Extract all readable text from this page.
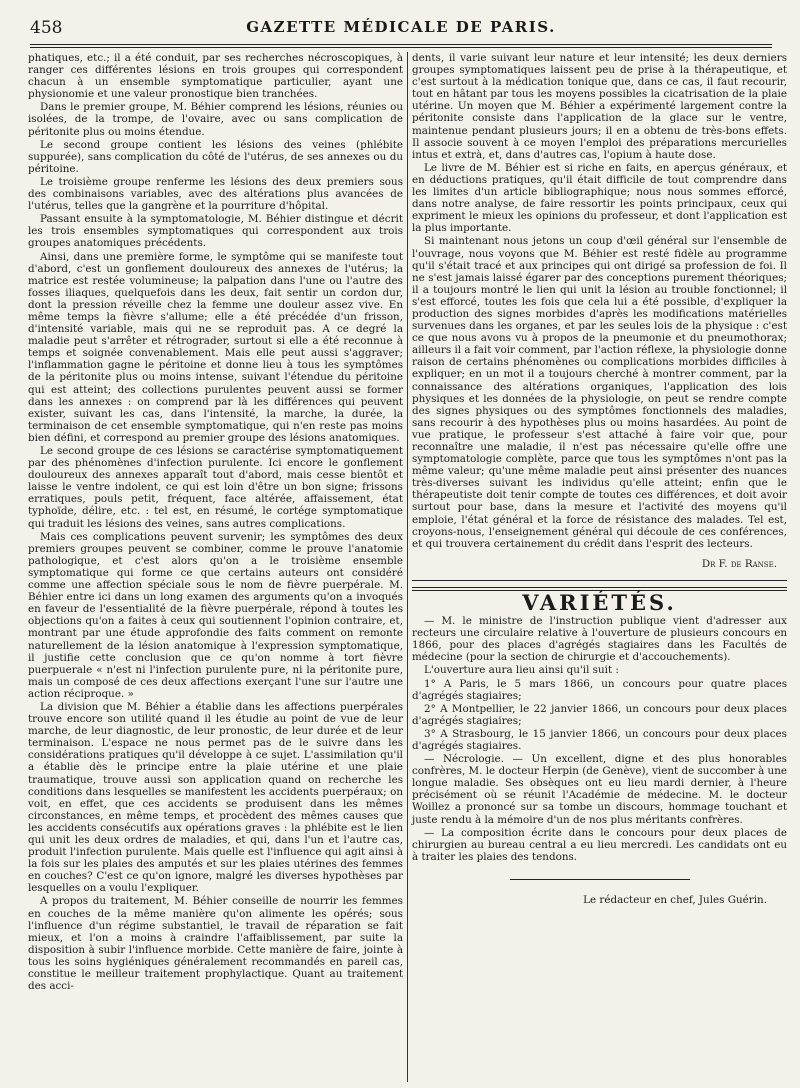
458	GAZETTE MÉDICALE DE PARIS.

phatiques, etc.; il a été conduit, par ses recherches nécroscopiques, à ranger ces différentes lésions en trois groupes qui correspondent chacun à un ensemble symptomatique particulier, ayant une physionomie et une valeur pronostique bien tranchées.

Dans le premier groupe, M. Béhier comprend les lésions, réunies ou isolées, de la trompe, de l'ovaire, avec ou sans complication de péritonite plus ou moins étendue.

Le second groupe contient les lésions des veines (phlébite suppurée), sans complication du côté de l'utérus, de ses annexes ou du péritoine.

Le troisième groupe renferme les lésions des deux premiers sous des combinaisons variables, avec des altérations plus avancées de l'utérus, telles que la gangrène et la pourriture d'hôpital.

Passant ensuite à la symptomatologie, M. Béhier distingue et décrit les trois ensembles symptomatiques qui correspondent aux trois groupes anatomiques précédents.

Ainsi, dans une première forme, le symptôme qui se manifeste tout d'abord, c'est un gonflement douloureux des annexes de l'utérus; la matrice est restée volumineuse; la palpation dans l'une ou l'autre des fosses iliaques, quelquefois dans les deux, fait sentir un cordon dur, dont la pression réveille chez la femme une douleur assez vive. En même temps la fièvre s'allume; elle a été précédée d'un frisson, d'intensité variable, mais qui ne se reproduit pas. A ce degré la maladie peut s'arrêter et rétrograder, surtout si elle a été reconnue à temps et soignée convenablement. Mais elle peut aussi s'aggraver; l'inflammation gagne le péritoine et donne lieu à tous les symptômes de la péritonite plus ou moins intense, suivant l'étendue du péritoine qui est atteint; des collections purulentes peuvent aussi se former dans les annexes : on comprend par là les différences qui peuvent exister, suivant les cas, dans l'intensité, la marche, la durée, la terminaison de cet ensemble symptomatique, qui n'en reste pas moins bien défini, et correspond au premier groupe des lésions anatomiques.

Le second groupe de ces lésions se caractérise symptomatiquement par des phénomènes d'infection purulente. Ici encore le gonflement douloureux des annexes apparaît tout d'abord, mais cesse bientôt et laisse le ventre indolent, ce qui est loin d'être un bon signe; frissons erratiques, pouls petit, fréquent, face altérée, affaissement, état typhoïde, délire, etc. : tel est, en résumé, le cortége symptomatique qui traduit les lésions des veines, sans autres complications.

Mais ces complications peuvent survenir; les symptômes des deux premiers groupes peuvent se combiner, comme le prouve l'anatomie pathologique, et c'est alors qu'on a le troisième ensemble symptomatique qui forme ce que certains auteurs ont considéré comme une affection spéciale sous le nom de fièvre puerpérale. M. Béhier entre ici dans un long examen des arguments qu'on a invoqués en faveur de l'essentialité de la fièvre puerpérale, répond à toutes les objections qu'on a faites à ceux qui soutiennent l'opinion contraire, et, montrant par une étude approfondie des faits comment on remonte naturellement de la lésion anatomique à l'expression symptomatique, il justifie cette conclusion que ce qu'on nomme à tort fièvre puerpuerale « n'est ni l'infection purulente pure, ni la péritonite pure, mais un composé de ces deux affections exerçant l'une sur l'autre une action réciproque. »

La division que M. Béhier a établie dans les affections puerpérales trouve encore son utilité quand il les étudie au point de vue de leur marche, de leur diagnostic, de leur pronostic, de leur durée et de leur terminaison. L'espace ne nous permet pas de le suivre dans les considérations pratiques qu'il développe à ce sujet. L'assimilation qu'il a établie dès le principe entre la plaie utérine et une plaie traumatique, trouve aussi son application quand on recherche les conditions dans lesquelles se manifestent les accidents puerpéraux; on voit, en effet, que ces accidents se produisent dans les mêmes circonstances, en même temps, et procèdent des mêmes causes que les accidents consécutifs aux opérations graves : la phlébite est le lien qui unit les deux ordres de maladies, et qui, dans l'un et l'autre cas, produit l'infection purulente. Mais quelle est l'influence qui agit ainsi à la fois sur les plaies des amputés et sur les plaies utérines des femmes en couches? C'est ce qu'on ignore, malgré les diverses hypothèses par lesquelles on a voulu l'expliquer.

A propos du traitement, M. Béhier conseille de nourrir les femmes en couches de la même manière qu'on alimente les opérés; sous l'influence d'un régime substantiel, le travail de réparation se fait mieux, et l'on a moins à craindre l'affaiblissement, par suite la disposition à subir l'influence morbide. Cette manière de faire, jointe à tous les soins hygiéniques généralement recommandés en pareil cas, constitue le meilleur traitement prophylactique. Quant au traitement des acci-

dents, il varie suivant leur nature et leur intensité; les deux derniers groupes symptomatiques laissent peu de prise à la thérapeutique, et c'est surtout à la médication tonique que, dans ce cas, il faut recourir, tout en hâtant par tous les moyens possibles la cicatrisation de la plaie utérine. Un moyen que M. Béhier a expérimenté largement contre la péritonite consiste dans l'application de la glace sur le ventre, maintenue pendant plusieurs jours; il en a obtenu de très-bons effets. Il associe souvent à ce moyen l'emploi des préparations mercurielles intus et extrà, et, dans d'autres cas, l'opium à haute dose.

Le livre de M. Béhier est si riche en faits, en aperçus généraux, et en déductions pratiques, qu'il était difficile de tout comprendre dans les limites d'un article bibliographique; nous nous sommes efforcé, dans notre analyse, de faire ressortir les points principaux, ceux qui expriment le mieux les opinions du professeur, et dont l'application est la plus importante.

Si maintenant nous jetons un coup d'œil général sur l'ensemble de l'ouvrage, nous voyons que M. Béhier est resté fidèle au programme qu'il s'était tracé et aux principes qui ont dirigé sa profession de foi. Il ne s'est jamais laissé égarer par des conceptions purement théoriques; il a toujours montré le lien qui unit la lésion au trouble fonctionnel; il s'est efforcé, toutes les fois que cela lui a été possible, d'expliquer la production des signes morbides d'après les modifications matérielles survenues dans les organes, et par les seules lois de la physique : c'est ce que nous avons vu à propos de la pneumonie et du pneumothorax; ailleurs il a fait voir comment, par l'action réflexe, la physiologie donne raison de certains phénomènes ou complications morbides difficiles à expliquer; en un mot il a toujours cherché à montrer comment, par la connaissance des altérations organiques, l'application des lois physiques et les données de la physiologie, on peut se rendre compte des signes physiques ou des symptômes fonctionnels des maladies, sans recourir à des hypothèses plus ou moins hasardées. Au point de vue pratique, le professeur s'est attaché à faire voir que, pour reconnaître une maladie, il n'est pas nécessaire qu'elle offre une symptomatologie complète, parce que tous les symptômes n'ont pas la même valeur; qu'une même maladie peut ainsi présenter des nuances très-diverses suivant les individus qu'elle atteint; enfin que le thérapeutiste doit tenir compte de toutes ces différences, et doit avoir surtout pour base, dans la mesure et l'activité des moyens qu'il emploie, l'état général et la force de résistance des malades. Tel est, croyons-nous, l'enseignement général qui découle de ces conférences, et qui trouvera certainement du crédit dans l'esprit des lecteurs.

Dr F. de Ranse.
VARIÉTÉS.

— M. le ministre de l'instruction publique vient d'adresser aux recteurs une circulaire relative à l'ouverture de plusieurs concours en 1866, pour des places d'agrégés stagiaires dans les Facultés de médecine (pour la section de chirurgie et d'accouchements).

L'ouverture aura lieu ainsi qu'il suit :

1° A Paris, le 5 mars 1866, un concours pour quatre places d'agrégés stagiaires;

2° A Montpellier, le 22 janvier 1866, un concours pour deux places d'agrégés stagiaires;

3° A Strasbourg, le 15 janvier 1866, un concours pour deux places d'agrégés stagiaires.

— Nécrologie. — Un excellent, digne et des plus honorables confrères, M. le docteur Herpin (de Genève), vient de succomber à une longue maladie. Ses obsèques ont eu lieu mardi dernier, à l'heure précisément où se réunit l'Académie de médecine. M. le docteur Woillez a prononcé sur sa tombe un discours, hommage touchant et juste rendu à la mémoire d'un de nos plus méritants confrères.

— La composition écrite dans le concours pour deux places de chirurgien au bureau central a eu lieu mercredi. Les candidats ont eu à traiter les plaies des tendons.

Le rédacteur en chef, Jules Guérin.
